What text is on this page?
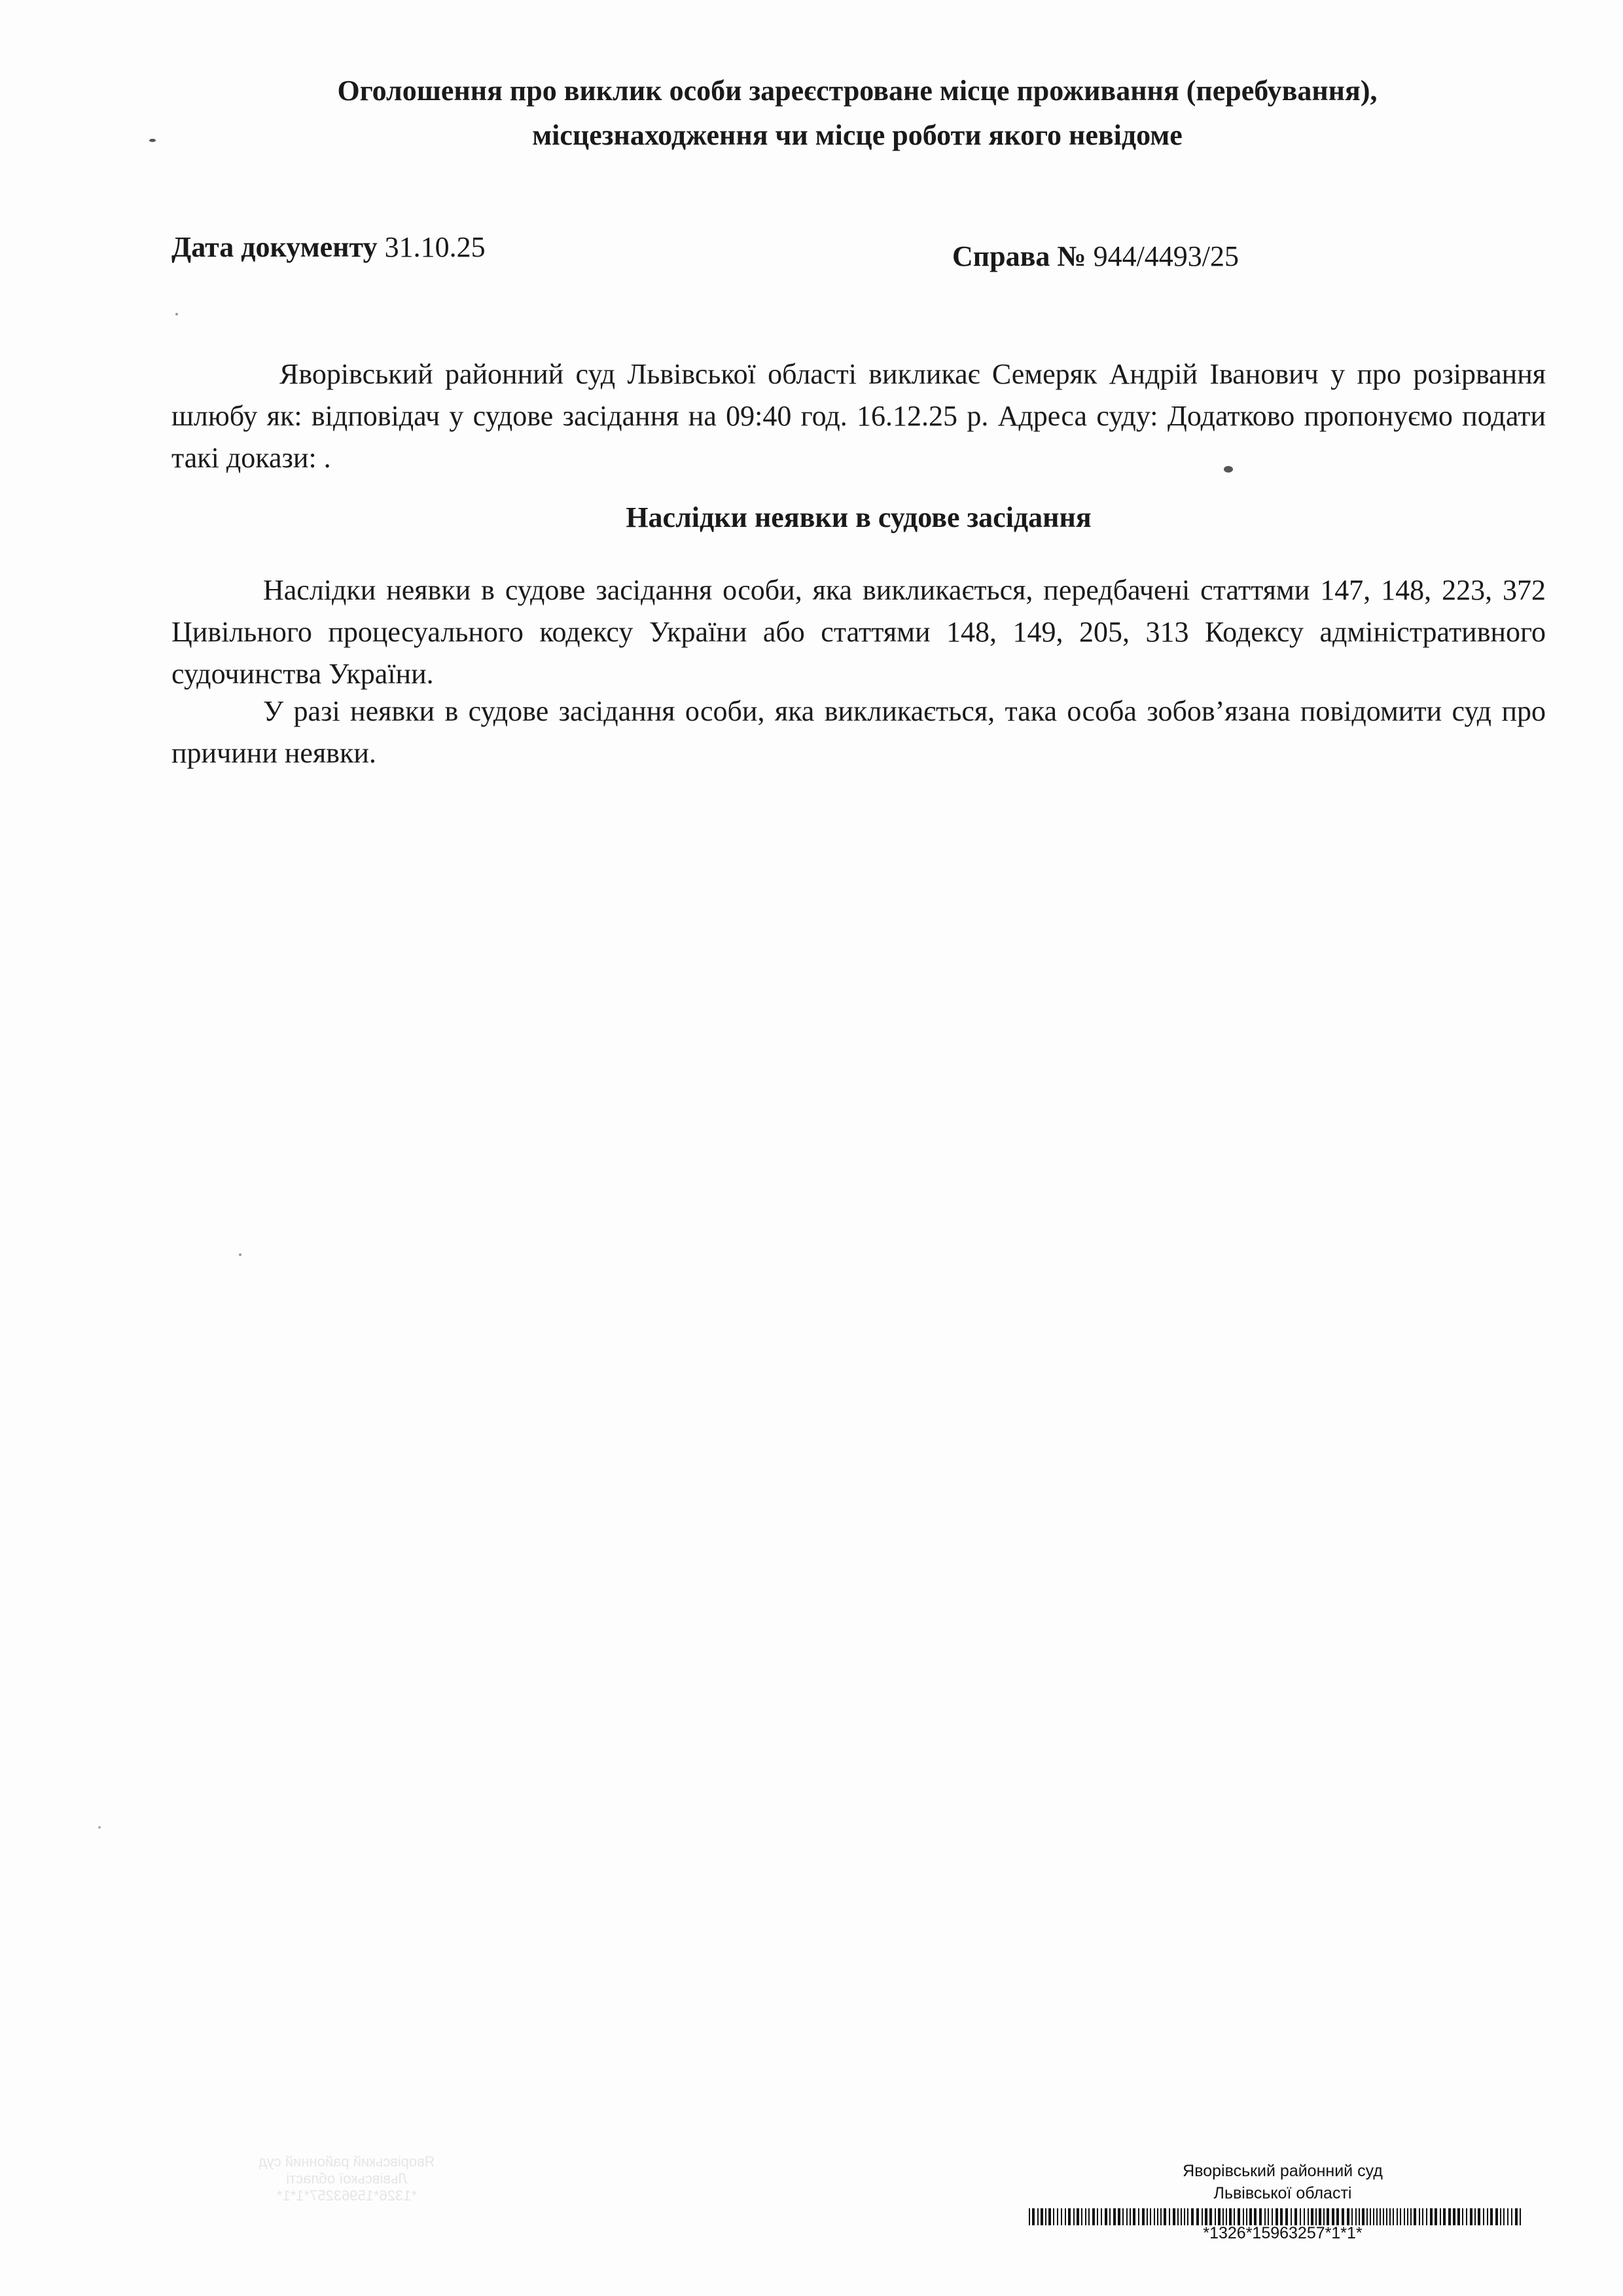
Оголошення про виклик особи зареєстроване місце проживання (перебування),
місцезнаходження чи місце роботи якого невідоме
Дата документу 31.10.25	Справа № 944/4493/25
Яворівський районний суд Львівської області викликає Семеряк Андрій Іванович у про розірвання шлюбу як: відповідач у судове засідання на 09:40 год. 16.12.25 р. Адреса суду: Додатково пропонуємо подати такі докази: .
Наслідки неявки в судове засідання
Наслідки неявки в судове засідання особи, яка викликається, передбачені статтями 147, 148, 223, 372 Цивільного процесуального кодексу України або статтями 148, 149, 205, 313 Кодексу адміністративного судочинства України.
У разі неявки в судове засідання особи, яка викликається, така особа зобов’язана повідомити суд про причини неявки.
Яворівський районний суд
Львівської області
*1326*15963257*1*1*
Яворівський районний суд
Львівської області
*1326*15963257*1*1*
